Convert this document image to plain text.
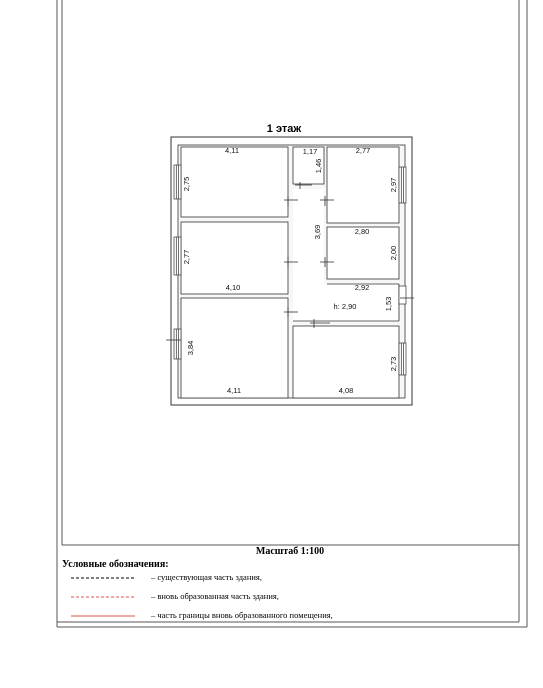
1 этаж
4,11
2,75
1,17
1,46
2,77
2,97
3,69	2,80
2,00
2,77
4,10	2,92
1,53
h: 2,90
3,84
4,11
2,73
4,08
Масштаб 1:100
Условные обозначения:
– существующая часть здания,
– вновь образованная часть здания,
– часть границы вновь образованного помещения,
